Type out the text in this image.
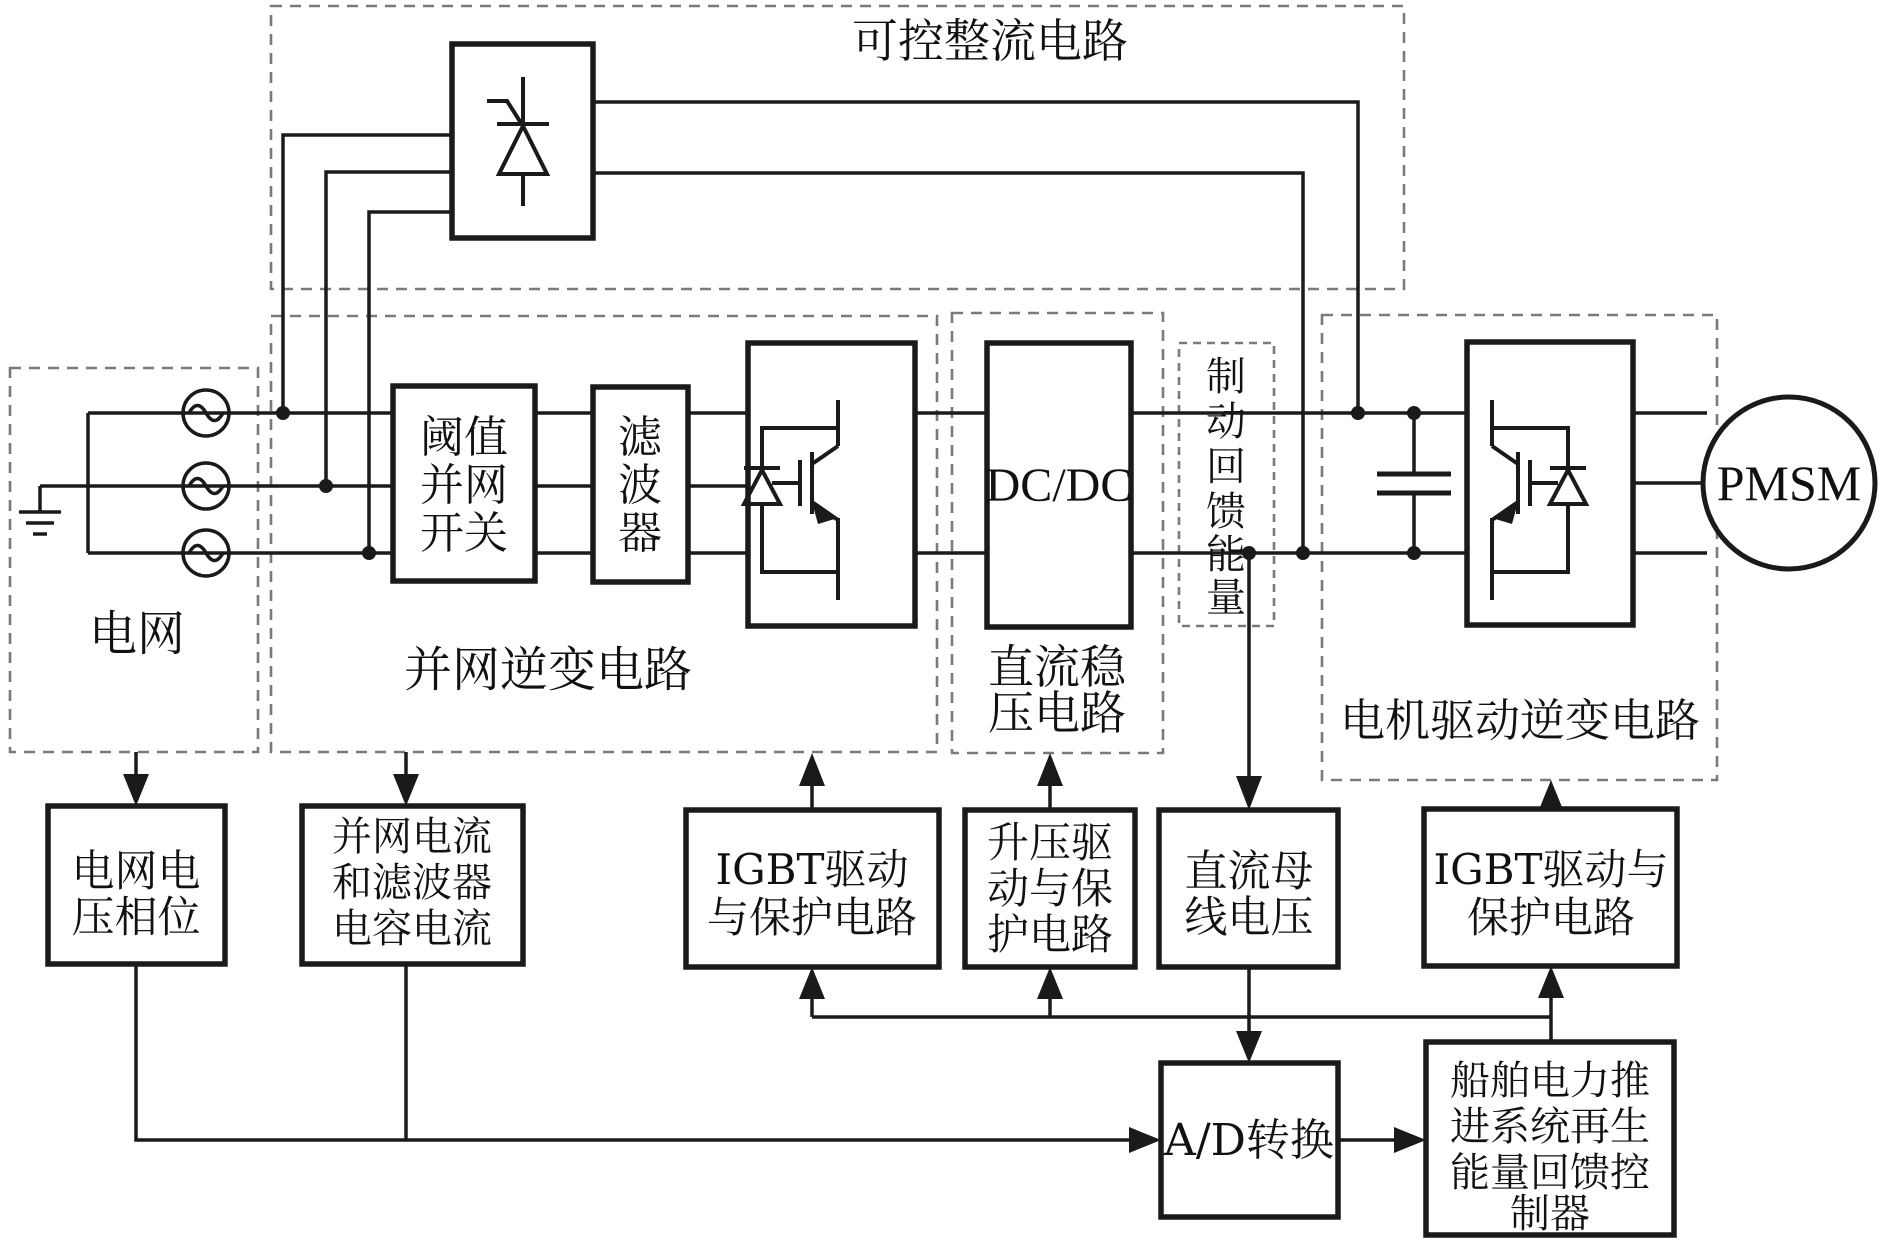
可控整流电路
电网
并网逆变电路	直流稳
压电路	电机驱动逆变电路
制
动
回
馈
能
量
阈值
并网
开关
滤
波
器
DC/DC	PMSM
电网电
压相位
并网电流
和滤波器
电容电流
IGBT驱动
与保护电路
升压驱
动与保
护电路
直流母
线电压
IGBT驱动与
保护电路
A/D转换
船舶电力推
进系统再生
能量回馈控
制器
